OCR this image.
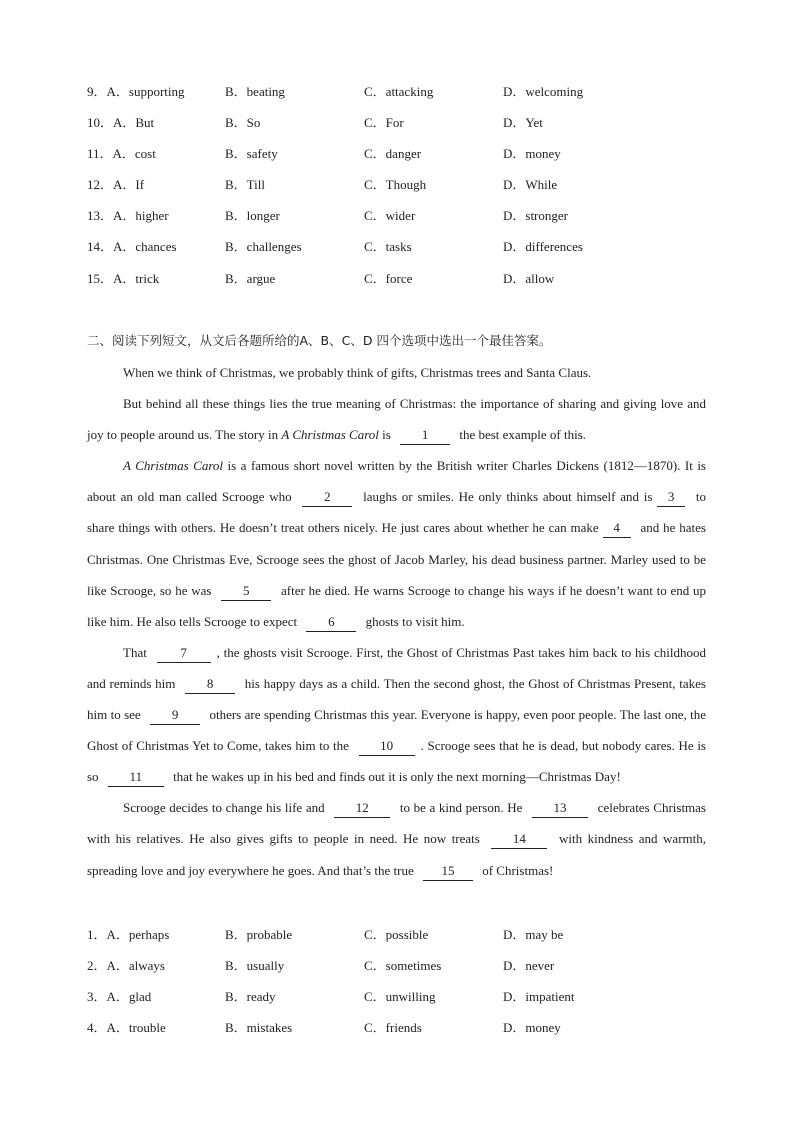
9．A．supporting	B．beating	C．attacking	D．welcoming
10．A．But	B．So	C．For	D．Yet
11．A．cost	B．safety	C．danger	D．money
12．A．If	B．Till	C．Though	D．While
13．A．higher	B．longer	C．wider	D．stronger
14．A．chances	B．challenges	C．tasks	D．differences
15．A．trick	B．argue	C．force	D．allow
二、阅读下列短文，从文后各题所给的A、B、C、D 四个选项中选出一个最佳答案。

When we think of Christmas, we probably think of gifts, Christmas trees and Santa Claus.

But behind all these things lies the true meaning of Christmas: the importance of sharing and giving love and joy to people around us. The story in A Christmas Carol is 1 the best example of this.

A Christmas Carol is a famous short novel written by the British writer Charles Dickens (1812—1870). It is about an old man called Scrooge who 2 laughs or smiles. He only thinks about himself and is 3 to share things with others. He doesn’t treat others nicely. He just cares about whether he can make 4 and he hates Christmas. One Christmas Eve, Scrooge sees the ghost of Jacob Marley, his dead business partner. Marley used to be like Scrooge, so he was 5 after he died. He warns Scrooge to change his ways if he doesn’t want to end up like him. He also tells Scrooge to expect 6 ghosts to visit him.

That 7 , the ghosts visit Scrooge. First, the Ghost of Christmas Past takes him back to his childhood and reminds him 8 his happy days as a child. Then the second ghost, the Ghost of Christmas Present, takes him to see 9 others are spending Christmas this year. Everyone is happy, even poor people. The last one, the Ghost of Christmas Yet to Come, takes him to the 10 . Scrooge sees that he is dead, but nobody cares. He is so 11 that he wakes up in his bed and finds out it is only the next morning—Christmas Day!

Scrooge decides to change his life and 12 to be a kind person. He 13 celebrates Christmas with his relatives. He also gives gifts to people in need. He now treats 14 with kindness and warmth, spreading love and joy everywhere he goes. And that’s the true 15 of Christmas!

1．A．perhaps	B．probable	C．possible	D．may be
2．A．always	B．usually	C．sometimes	D．never
3．A．glad	B．ready	C．unwilling	D．impatient
4．A．trouble	B．mistakes	C．friends	D．money
